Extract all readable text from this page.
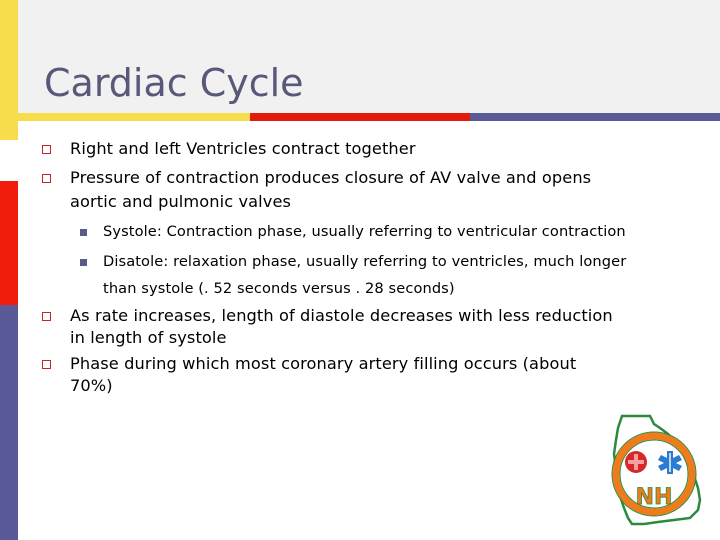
Cardiac Cycle
Right and left Ventricles contract together
Pressure of contraction produces closure of AV valve and opens
aortic and pulmonic valves
Systole: Contraction phase, usually referring to ventricular contraction
Disatole: relaxation phase, usually referring to ventricles, much longer
than systole (. 52 seconds versus . 28 seconds)
As rate increases, length of diastole decreases with less reduction
in length of systole
Phase during which most coronary artery filling occurs (about
70%)
NH
